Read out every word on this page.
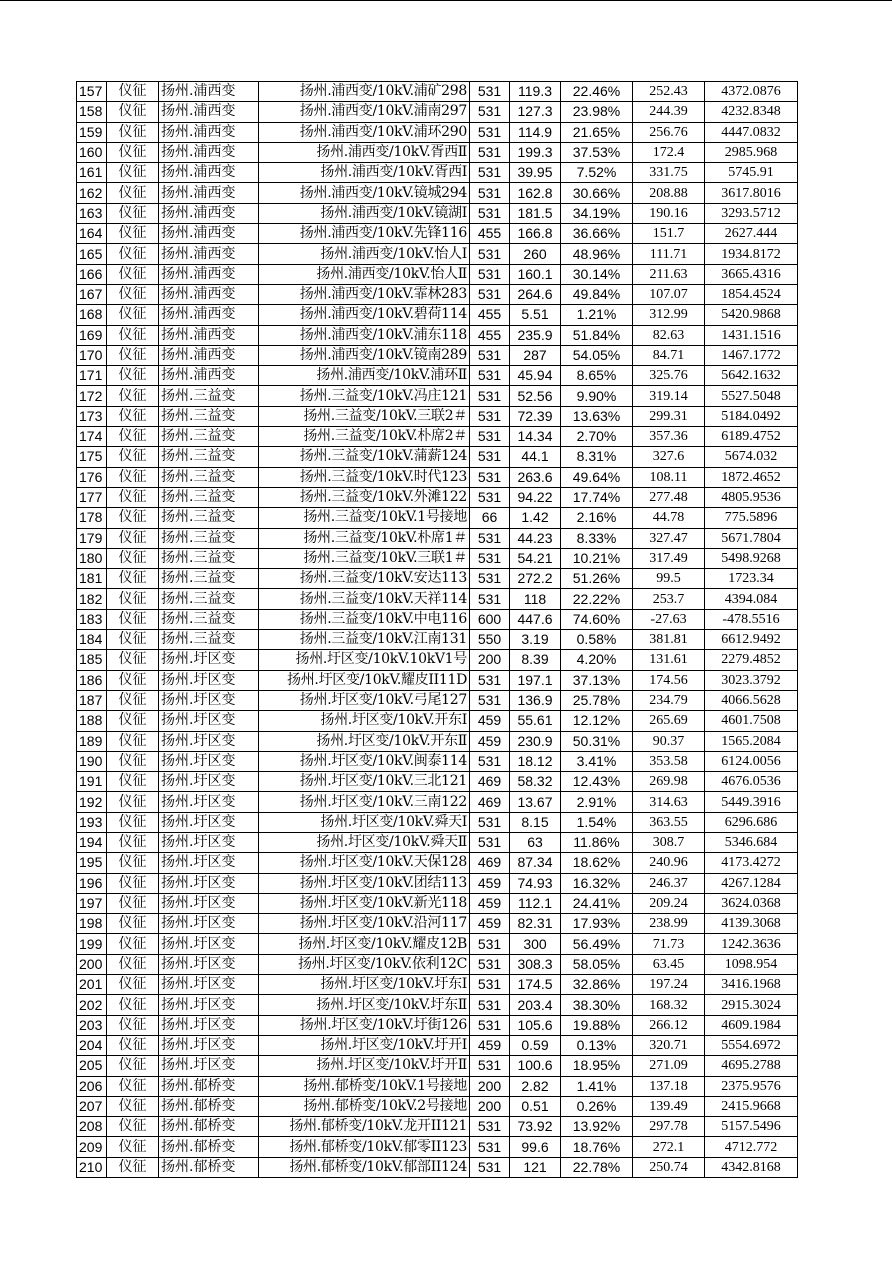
157	仪征	扬州.浦西变	扬州.浦西变/10kV.浦矿298	531	119.3	22.46%	252.43	4372.0876
158	仪征	扬州.浦西变	扬州.浦西变/10kV.浦南297	531	127.3	23.98%	244.39	4232.8348
159	仪征	扬州.浦西变	扬州.浦西变/10kV.浦环290	531	114.9	21.65%	256.76	4447.0832
160	仪征	扬州.浦西变	扬州.浦西变/10kV.胥西Ⅱ	531	199.3	37.53%	172.4	2985.968
161	仪征	扬州.浦西变	扬州.浦西变/10kV.胥西Ⅰ	531	39.95	7.52%	331.75	5745.91
162	仪征	扬州.浦西变	扬州.浦西变/10kV.镜城294	531	162.8	30.66%	208.88	3617.8016
163	仪征	扬州.浦西变	扬州.浦西变/10kV.镜湖Ⅰ	531	181.5	34.19%	190.16	3293.5712
164	仪征	扬州.浦西变	扬州.浦西变/10kV.先锋116	455	166.8	36.66%	151.7	2627.444
165	仪征	扬州.浦西变	扬州.浦西变/10kV.怡人Ⅰ	531	260	48.96%	111.71	1934.8172
166	仪征	扬州.浦西变	扬州.浦西变/10kV.怡人Ⅱ	531	160.1	30.14%	211.63	3665.4316
167	仪征	扬州.浦西变	扬州.浦西变/10kV.霏林283	531	264.6	49.84%	107.07	1854.4524
168	仪征	扬州.浦西变	扬州.浦西变/10kV.碧荷114	455	5.51	1.21%	312.99	5420.9868
169	仪征	扬州.浦西变	扬州.浦西变/10kV.浦东118	455	235.9	51.84%	82.63	1431.1516
170	仪征	扬州.浦西变	扬州.浦西变/10kV.镜南289	531	287	54.05%	84.71	1467.1772
171	仪征	扬州.浦西变	扬州.浦西变/10kV.浦环Ⅱ	531	45.94	8.65%	325.76	5642.1632
172	仪征	扬州.三益变	扬州.三益变/10kV.冯庄121	531	52.56	9.90%	319.14	5527.5048
173	仪征	扬州.三益变	扬州.三益变/10kV.三联2＃	531	72.39	13.63%	299.31	5184.0492
174	仪征	扬州.三益变	扬州.三益变/10kV.朴席2＃	531	14.34	2.70%	357.36	6189.4752
175	仪征	扬州.三益变	扬州.三益变/10kV.蒲薪124	531	44.1	8.31%	327.6	5674.032
176	仪征	扬州.三益变	扬州.三益变/10kV.时代123	531	263.6	49.64%	108.11	1872.4652
177	仪征	扬州.三益变	扬州.三益变/10kV.外滩122	531	94.22	17.74%	277.48	4805.9536
178	仪征	扬州.三益变	扬州.三益变/10kV.1号接地	66	1.42	2.16%	44.78	775.5896
179	仪征	扬州.三益变	扬州.三益变/10kV.朴席1＃	531	44.23	8.33%	327.47	5671.7804
180	仪征	扬州.三益变	扬州.三益变/10kV.三联1＃	531	54.21	10.21%	317.49	5498.9268
181	仪征	扬州.三益变	扬州.三益变/10kV.安达113	531	272.2	51.26%	99.5	1723.34
182	仪征	扬州.三益变	扬州.三益变/10kV.天祥114	531	118	22.22%	253.7	4394.084
183	仪征	扬州.三益变	扬州.三益变/10kV.中电116	600	447.6	74.60%	-27.63	-478.5516
184	仪征	扬州.三益变	扬州.三益变/10kV.江南131	550	3.19	0.58%	381.81	6612.9492
185	仪征	扬州.圩区变	扬州.圩区变/10kV.10kV1号	200	8.39	4.20%	131.61	2279.4852
186	仪征	扬州.圩区变	扬州.圩区变/10kV.耀皮II11D	531	197.1	37.13%	174.56	3023.3792
187	仪征	扬州.圩区变	扬州.圩区变/10kV.弓尾127	531	136.9	25.78%	234.79	4066.5628
188	仪征	扬州.圩区变	扬州.圩区变/10kV.开东Ⅰ	459	55.61	12.12%	265.69	4601.7508
189	仪征	扬州.圩区变	扬州.圩区变/10kV.开东Ⅱ	459	230.9	50.31%	90.37	1565.2084
190	仪征	扬州.圩区变	扬州.圩区变/10kV.闽泰114	531	18.12	3.41%	353.58	6124.0056
191	仪征	扬州.圩区变	扬州.圩区变/10kV.三北121	469	58.32	12.43%	269.98	4676.0536
192	仪征	扬州.圩区变	扬州.圩区变/10kV.三南122	469	13.67	2.91%	314.63	5449.3916
193	仪征	扬州.圩区变	扬州.圩区变/10kV.舜天Ⅰ	531	8.15	1.54%	363.55	6296.686
194	仪征	扬州.圩区变	扬州.圩区变/10kV.舜天Ⅱ	531	63	11.86%	308.7	5346.684
195	仪征	扬州.圩区变	扬州.圩区变/10kV.天保128	469	87.34	18.62%	240.96	4173.4272
196	仪征	扬州.圩区变	扬州.圩区变/10kV.团结113	459	74.93	16.32%	246.37	4267.1284
197	仪征	扬州.圩区变	扬州.圩区变/10kV.新光118	459	112.1	24.41%	209.24	3624.0368
198	仪征	扬州.圩区变	扬州.圩区变/10kV.沿河117	459	82.31	17.93%	238.99	4139.3068
199	仪征	扬州.圩区变	扬州.圩区变/10kV.耀皮12B	531	300	56.49%	71.73	1242.3636
200	仪征	扬州.圩区变	扬州.圩区变/10kV.依利12C	531	308.3	58.05%	63.45	1098.954
201	仪征	扬州.圩区变	扬州.圩区变/10kV.圩东Ⅰ	531	174.5	32.86%	197.24	3416.1968
202	仪征	扬州.圩区变	扬州.圩区变/10kV.圩东Ⅱ	531	203.4	38.30%	168.32	2915.3024
203	仪征	扬州.圩区变	扬州.圩区变/10kV.圩街126	531	105.6	19.88%	266.12	4609.1984
204	仪征	扬州.圩区变	扬州.圩区变/10kV.圩开Ⅰ	459	0.59	0.13%	320.71	5554.6972
205	仪征	扬州.圩区变	扬州.圩区变/10kV.圩开Ⅱ	531	100.6	18.95%	271.09	4695.2788
206	仪征	扬州.郁桥变	扬州.郁桥变/10kV.1号接地	200	2.82	1.41%	137.18	2375.9576
207	仪征	扬州.郁桥变	扬州.郁桥变/10kV.2号接地	200	0.51	0.26%	139.49	2415.9668
208	仪征	扬州.郁桥变	扬州.郁桥变/10kV.龙开II121	531	73.92	13.92%	297.78	5157.5496
209	仪征	扬州.郁桥变	扬州.郁桥变/10kV.郁零II123	531	99.6	18.76%	272.1	4712.772
210	仪征	扬州.郁桥变	扬州.郁桥变/10kV.郁部II124	531	121	22.78%	250.74	4342.8168
